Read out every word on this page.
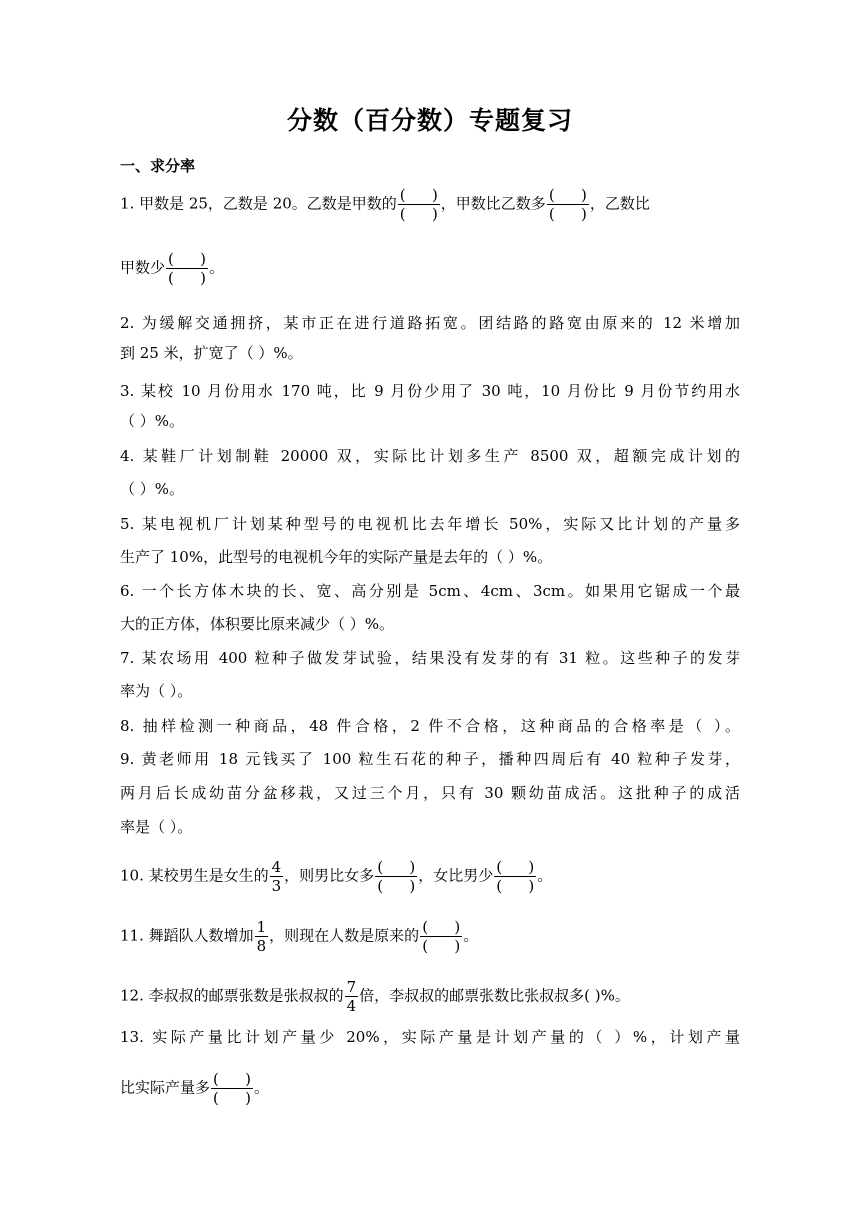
分数（百分数）专题复习
一、求分率
1. 甲数是 25，乙数是 20。乙数是甲数的 $\frac{( )}{( )}$ ，甲数比乙数多 $\frac{( )}{( )}$ ，乙数比
甲数少 $\frac{( )}{( )}$ 。
2. 为缓解交通拥挤，某市正在进行道路拓宽。团结路的路宽由原来的 12 米增加
到 25 米，扩宽了（ ）%。
3. 某校 10 月份用水 170 吨，比 9 月份少用了 30 吨，10 月份比 9 月份节约用水
（ ）%。
4. 某鞋厂计划制鞋 20000 双，实际比计划多生产 8500 双，超额完成计划的
（ ）%。
5. 某电视机厂计划某种型号的电视机比去年增长 50%，实际又比计划的产量多
生产了 10%，此型号的电视机今年的实际产量是去年的（ ）%。
6. 一个长方体木块的长、宽、高分别是 5cm、4cm、3cm。如果用它锯成一个最
大的正方体，体积要比原来减少（ ）%。
7. 某农场用 400 粒种子做发芽试验，结果没有发芽的有 31 粒。这些种子的发芽
率为（ ）。
8. 抽样检测一种商品，48 件合格，2 件不合格，这种商品的合格率是（ ）。
9. 黄老师用 18 元钱买了 100 粒生石花的种子，播种四周后有 40 粒种子发芽，
两月后长成幼苗分盆移栽，又过三个月，只有 30 颗幼苗成活。这批种子的成活
率是（ ）。
10. 某校男生是女生的 $\frac{4}{3}$ ，则男比女多 $\frac{( )}{( )}$ ，女比男少 $\frac{( )}{( )}$ 。
11. 舞蹈队人数增加 $\frac{1}{8}$ ，则现在人数是原来的 $\frac{( )}{( )}$ 。
12. 李叔叔的邮票张数是张叔叔的 $\frac{7}{4}$ 倍，李叔叔的邮票张数比张叔叔多( )%。
13. 实际产量比计划产量少 20%，实际产量是计划产量的（ ）%，计划产量
比实际产量多 $\frac{( )}{( )}$ 。
